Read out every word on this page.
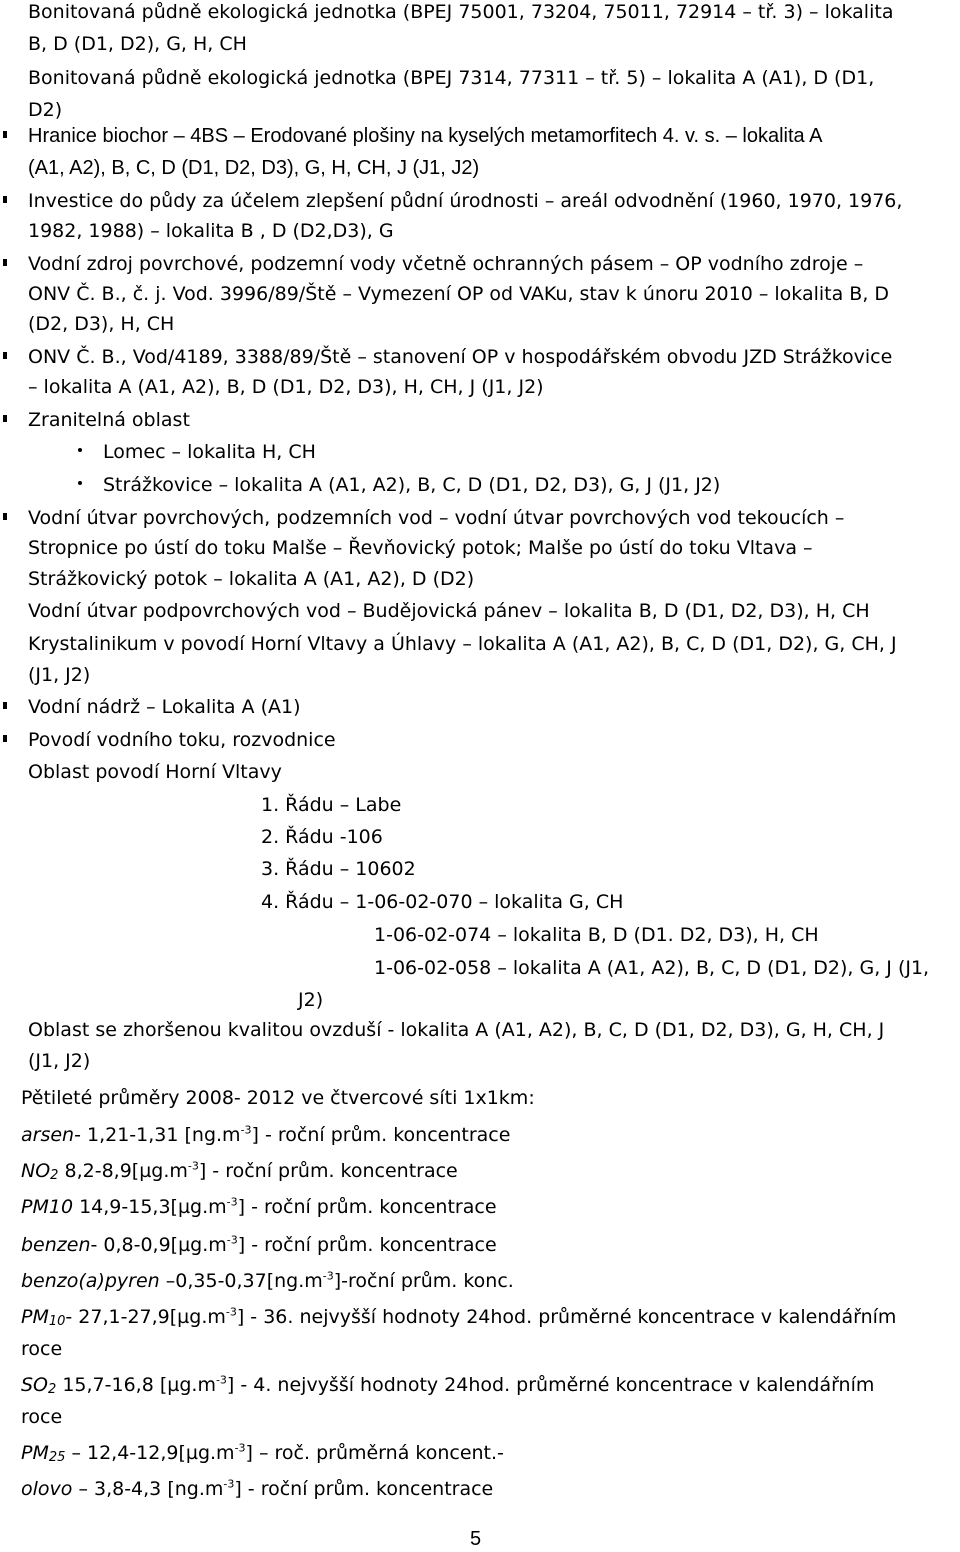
Bonitovaná půdně ekologická jednotka (BPEJ 75001, 73204, 75011, 72914 – tř. 3) – lokalita
B, D (D1, D2), G, H, CH
Bonitovaná půdně ekologická jednotka (BPEJ 7314, 77311 – tř. 5) – lokalita A (A1), D (D1,
D2)
Hranice biochor – 4BS – Erodované plošiny na kyselých metamorfitech 4. v. s. – lokalita A
(A1, A2), B, C, D (D1, D2, D3), G, H, CH, J (J1, J2)
Investice do půdy za účelem zlepšení půdní úrodnosti – areál odvodnění (1960, 1970, 1976,
1982, 1988) – lokalita B , D (D2,D3), G
Vodní zdroj povrchové, podzemní vody včetně ochranných pásem – OP vodního zdroje –
ONV Č. B., č. j. Vod. 3996/89/Ště – Vymezení OP od VAKu, stav k únoru 2010 – lokalita B, D
(D2, D3), H, CH
ONV Č. B., Vod/4189, 3388/89/Ště – stanovení OP v hospodářském obvodu JZD Strážkovice
– lokalita A (A1, A2), B, D (D1, D2, D3), H, CH, J (J1, J2)
Zranitelná oblast
Lomec – lokalita H, CH
Strážkovice – lokalita A (A1, A2), B, C, D (D1, D2, D3), G, J (J1, J2)
Vodní útvar povrchových, podzemních vod – vodní útvar povrchových vod tekoucích –
Stropnice po ústí do toku Malše – Řevňovický potok; Malše po ústí do toku Vltava –
Strážkovický potok – lokalita A (A1, A2), D (D2)
Vodní útvar podpovrchových vod – Budějovická pánev – lokalita B, D (D1, D2, D3), H, CH
Krystalinikum v povodí Horní Vltavy a Úhlavy – lokalita A (A1, A2), B, C, D (D1, D2), G, CH, J
(J1, J2)
Vodní nádrž – Lokalita A (A1)
Povodí vodního toku, rozvodnice
Oblast povodí Horní Vltavy
1. Řádu – Labe
2. Řádu -106
3. Řádu – 10602
4. Řádu – 1-06-02-070 – lokalita G, CH
1-06-02-074 – lokalita B, D (D1. D2, D3), H, CH
1-06-02-058 – lokalita A (A1, A2), B, C, D (D1, D2), G, J (J1,
J2)
Oblast se zhoršenou kvalitou ovzduší - lokalita A (A1, A2), B, C, D (D1, D2, D3), G, H, CH, J
(J1, J2)
Pětileté průměry 2008- 2012 ve čtvercové síti 1x1km:
arsen- 1,21-1,31 $[ng.m^{-3}]$ - roční prům. koncentrace
$NO_2$ $8,2-8,9[\mu g.m^{-3}]$ - roční prům. koncentrace
PM10 $14,9-15,3[\mu g.m^{-3}]$ - roční prům. koncentrace
benzen- $0,8-0,9[\mu g.m^{-3}]$ - roční prům. koncentrace
benzo(a)pyren $-0,35-0,37[ng.m^{-3}]$-roční prům. konc.
$PM_{10}-$ $27,1-27,9[\mu g.m^{-3}] - 36$. nejvyšší hodnoty 24hod. průměrné koncentrace v kalendářním
roce
$SO_2$ 15,7-16,8 $[\mu g.m^{-3}] - 4$. nejvyšší hodnoty 24hod. průměrné koncentrace v kalendářním
roce
$PM_{25} - 12,4-12,9[\mu g.m^{-3}]$ – roč. průměrná koncent.-
olovo – 3,8-4,3 $[ng.m^{-3}]$ - roční prům. koncentrace
5
